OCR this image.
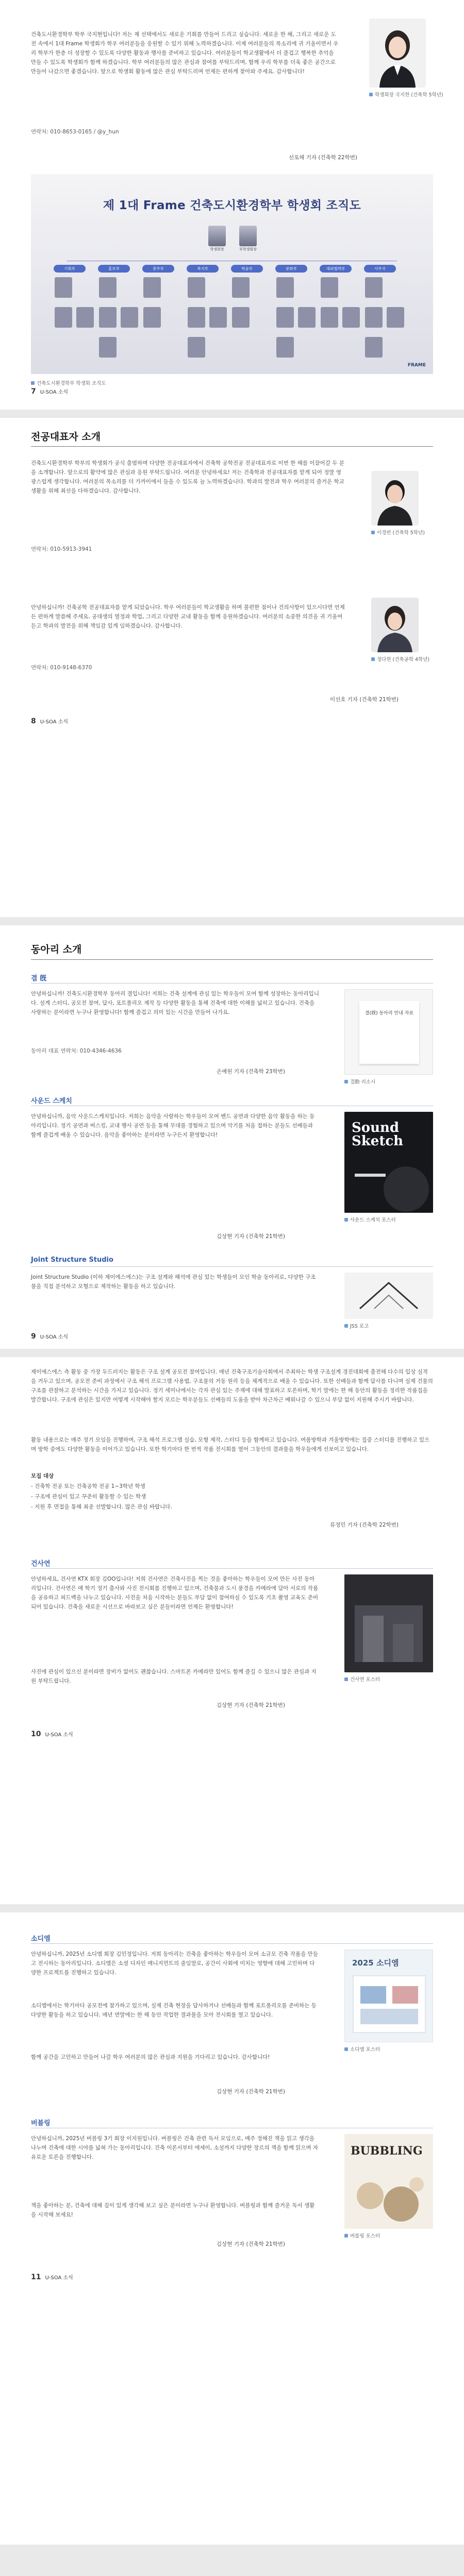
건축도시환경학부 학부 국지현입니다! 저는 제 선택에서도 새로운 기회를 만들어 드리고 싶습니다. 새로운 한 해, 그리고 새로운 도전 속에서 1대 Frame 학생회가 학우 여러분들을 응원할 수 있기 위해 노력하겠습니다. 이제 여러분들의 목소리에 귀 기울이면서 우리 학부가 한층 더 성장할 수 있도록 다양한 활동과 행사를 준비하고 있습니다. 여러분들이 학교생활에서 더 즐겁고 행복한 추억을 만들 수 있도록 학생회가 함께 하겠습니다. 학부 여러분들의 많은 관심과 참여를 부탁드리며, 함께 우리 학부를 더욱 좋은 공간으로 만들어 나갔으면 좋겠습니다. 앞으로 학생회 활동에 많은 관심 부탁드리며 언제든 편하게 찾아와 주세요. 감사합니다!

연락처: 010-8653-0165 / @y_hun

학생회장 국지현 (건축학 5학년)

선포해 기자 (건축학 22학번)

제 1대 Frame 건축도시환경학부 학생회 조직도
학생회장	부학생회장
기획부	홍보부	총무부	복지부	학술부	문화부	대외협력부	사무국
FRAME
건축도시환경학부 학생회 조직도
7 U-SOA 소식
전공대표자 소개

건축도시환경학부 학부의 학생회가 공식 출범하며 다양한 전공대표자에서 건축학 공학전공 전공대표자로 이번 한 해를 이끌어갈 두 분을 소개합니다. 앞으로의 활약에 많은 관심과 응원 부탁드립니다. 여러분 안녕하세요! 저는 건축학과 전공대표자를 맡게 되어 정말 영광스럽게 생각합니다. 여러분의 목소리를 더 가까이에서 들을 수 있도록 늘 노력하겠습니다. 학과의 발전과 학우 여러분의 즐거운 학교생활을 위해 최선을 다하겠습니다. 감사합니다.

연락처: 010-5913-3941

이경빈 (건축학 5학년)

안녕하십니까! 건축공학 전공대표자를 맡게 되었습니다. 학우 여러분들이 학교생활을 하며 불편한 점이나 건의사항이 있으시다면 언제든 편하게 말씀해 주세요. 공대생의 열정과 학업, 그리고 다양한 교내 활동을 함께 응원하겠습니다. 여러분의 소중한 의견을 귀 기울여 듣고 학과의 발전을 위해 책임감 있게 임하겠습니다. 감사합니다.

연락처: 010-9148-6370

정다현 (건축공학 4학년)

이선호 기자 (건축학 21학번)

8 U-SOA 소식
동아리 소개
결 旣

안녕하십니까! 건축도시환경학부 동아리 결입니다! 저희는 건축 설계에 관심 있는 학우들이 모여 함께 성장하는 동아리입니다. 설계 스터디, 공모전 참여, 답사, 포트폴리오 제작 등 다양한 활동을 통해 건축에 대한 이해를 넓히고 있습니다. 건축을 사랑하는 분이라면 누구나 환영합니다! 함께 즐겁고 의미 있는 시간을 만들어 나가요.

동아리 대표 연락처: 010-4346-4636

손예원 기자 (건축학 23학번)

결(旣) 동아리 안내 자료
결動 리소시
사운드 스케치

안녕하십니까, 음악 사운드스케치입니다. 저희는 음악을 사랑하는 학우들이 모여 밴드 공연과 다양한 음악 활동을 하는 동아리입니다. 정기 공연과 버스킹, 교내 행사 공연 등을 통해 무대를 경험하고 있으며 악기를 처음 접하는 분들도 선배들과 함께 즐겁게 배울 수 있습니다. 음악을 좋아하는 분이라면 누구든지 환영합니다!

김상현 기자 (건축학 21학번)

Sound Sketch
사운드 스케치 포스터
Joint Structure Studio

Joint Structure Studio (이하 제이에스에스)는 구조 설계와 해석에 관심 있는 학생들이 모인 학술 동아리로, 다양한 구조물을 직접 분석하고 모형으로 제작하는 활동을 하고 있습니다.

JSS 로고
9 U-SOA 소식

제이에스에스 측 활동 중 가장 두드러지는 활동은 구조 설계 공모전 참여입니다. 매년 건축구조기술사회에서 주최하는 학생 구조설계 경진대회에 출전해 다수의 입상 실적을 거두고 있으며, 공모전 준비 과정에서 구조 해석 프로그램 사용법, 구조물의 거동 원리 등을 체계적으로 배울 수 있습니다. 또한 선배들과 함께 답사를 다니며 실제 건물의 구조를 관찰하고 분석하는 시간을 가지고 있습니다. 정기 세미나에서는 각자 관심 있는 주제에 대해 발표하고 토론하며, 학기 말에는 한 해 동안의 활동을 정리한 작품집을 발간합니다. 구조에 관심은 있지만 어떻게 시작해야 할지 모르는 학우분들도 선배들의 도움을 받아 차근차근 배워나갈 수 있으니 부담 없이 지원해 주시기 바랍니다.

활동 내용으로는 매주 정기 모임을 진행하며, 구조 해석 프로그램 실습, 모형 제작, 스터디 등을 함께하고 있습니다. 여름방학과 겨울방학에는 집중 스터디를 진행하고 있으며 방학 중에도 다양한 활동을 이어가고 있습니다. 또한 학기마다 한 번씩 작품 전시회를 열어 그동안의 결과물을 학우들에게 선보이고 있습니다.

모집 대상

- 건축학 전공 또는 건축공학 전공 1~3학년 학생

- 구조에 관심이 있고 꾸준히 활동할 수 있는 학생

- 지원 후 면접을 통해 최종 선발합니다. 많은 관심 바랍니다.

류정민 기자 (건축학 22학번)

건사연

안녕하세요, 건사연 KTX 회장 김OO입니다! 저희 건사연은 건축사진을 찍는 것을 좋아하는 학우들이 모여 만든 사진 동아리입니다. 건사연은 매 학기 정기 출사와 사진 전시회를 진행하고 있으며, 건축물과 도시 풍경을 카메라에 담아 서로의 작품을 공유하고 피드백을 나누고 있습니다. 사진을 처음 시작하는 분들도 부담 없이 참여하실 수 있도록 기초 촬영 교육도 준비되어 있습니다. 건축을 새로운 시선으로 바라보고 싶은 분들이라면 언제든 환영합니다!

사진에 관심이 있으신 분이라면 장비가 없어도 괜찮습니다. 스마트폰 카메라만 있어도 함께 즐길 수 있으니 많은 관심과 지원 부탁드립니다.

김상현 기자 (건축학 21학번)

건사연 포스터
10 U-SOA 소식
소디엠

안녕하십니까, 2025년 소디엠 회장 김민정입니다. 저희 동아리는 건축을 좋아하는 학우들이 모여 소규모 건축 작품을 만들고 전시하는 동아리입니다. 소디엠은 소셜 디자인 매니지먼트의 줄임말로, 공간이 사회에 미치는 영향에 대해 고민하며 다양한 프로젝트를 진행하고 있습니다.

소디엠에서는 학기마다 공모전에 참가하고 있으며, 실제 건축 현장을 답사하거나 선배들과 함께 포트폴리오를 준비하는 등 다양한 활동을 하고 있습니다. 매년 연말에는 한 해 동안 작업한 결과물을 모아 전시회를 열고 있습니다.

함께 공간을 고민하고 만들어 나갈 학우 여러분의 많은 관심과 지원을 기다리고 있습니다. 감사합니다!

김상현 기자 (건축학 21학번)

2025 소디엠
소디엠 포스터
버블링

안녕하십니까, 2025년 버블링 3기 회장 이지원입니다. 버블링은 건축 관련 독서 모임으로, 매주 정해진 책을 읽고 생각을 나누며 건축에 대한 시야를 넓혀 가는 동아리입니다. 건축 이론서부터 에세이, 소설까지 다양한 장르의 책을 함께 읽으며 자유로운 토론을 진행합니다.

책을 좋아하는 분, 건축에 대해 깊이 있게 생각해 보고 싶은 분이라면 누구나 환영합니다. 버블링과 함께 즐거운 독서 생활을 시작해 보세요!

김상현 기자 (건축학 21학번)

BUBBLING
버블링 포스터
11 U-SOA 소식
